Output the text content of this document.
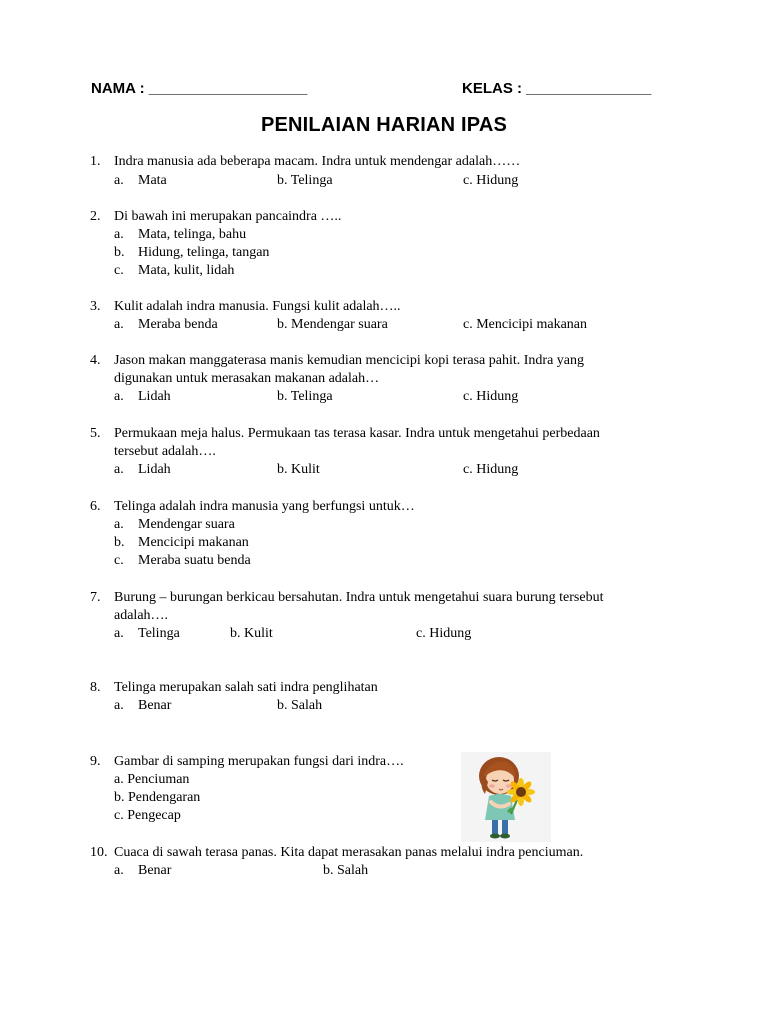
NAMA : ___________________	KELAS : _______________
PENILAIAN HARIAN IPAS
1. Indra manusia ada beberapa macam. Indra untuk mendengar adalah……
a. Mata	b. Telinga	c. Hidung
2. Di bawah ini merupakan pancaindra …..
a. Mata, telinga, bahu
b. Hidung, telinga, tangan
c. Mata, kulit, lidah
3. Kulit adalah indra manusia. Fungsi kulit adalah…..
a. Meraba benda	b. Mendengar suara	c. Mencicipi makanan
4. Jason makan manggaterasa manis kemudian mencicipi kopi terasa pahit. Indra yang
digunakan untuk merasakan makanan adalah…
a. Lidah	b. Telinga	c. Hidung
5. Permukaan meja halus. Permukaan tas terasa kasar. Indra untuk mengetahui perbedaan
tersebut adalah….
a. Lidah	b. Kulit	c. Hidung
6. Telinga adalah indra manusia yang berfungsi untuk…
a. Mendengar suara
b. Mencicipi makanan
c. Meraba suatu benda
7. Burung – burungan berkicau bersahutan. Indra untuk mengetahui suara burung tersebut
adalah….
a. Telinga	b. Kulit	c. Hidung
8. Telinga merupakan salah sati indra penglihatan
a. Benar	b. Salah
9. Gambar di samping merupakan fungsi dari indra….
a. Penciuman
b. Pendengaran
c. Pengecap
10. Cuaca di sawah terasa panas. Kita dapat merasakan panas melalui indra penciuman.
a. Benar	b. Salah
